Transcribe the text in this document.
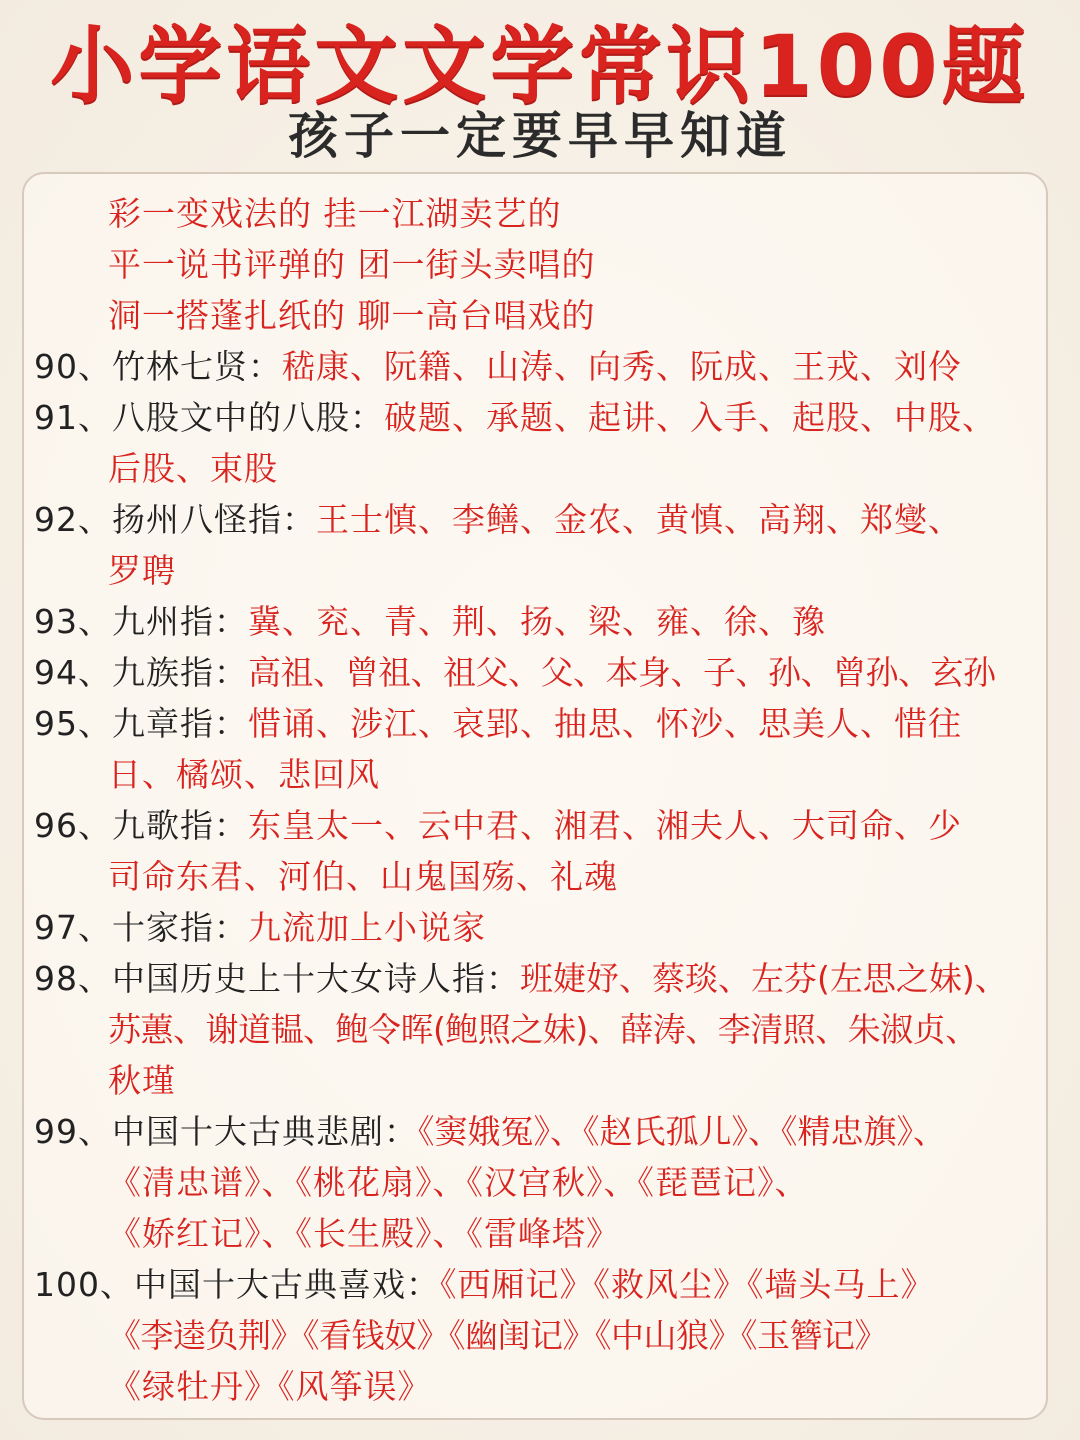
小学语文文学常识100题
孩子一定要早早知道
彩一变戏法的 挂一江湖卖艺的
平一说书评弹的 团一街头卖唱的
洞一搭蓬扎纸的 聊一高台唱戏的
90、竹林七贤：嵇康、阮籍、山涛、向秀、阮成、王戎、刘伶
91、八股文中的八股：破题、承题、起讲、入手、起股、中股、
后股、束股
92、扬州八怪指：王士慎、李鳝、金农、黄慎、高翔、郑燮、
罗聘
93、九州指：冀、兖、青、荆、扬、梁、雍、徐、豫
94、九族指：高祖、曾祖、祖父、父、本身、子、孙、曾孙、玄孙
95、九章指：惜诵、涉江、哀郢、抽思、怀沙、思美人、惜往
日、橘颂、悲回风
96、九歌指：东皇太一、云中君、湘君、湘夫人、大司命、少
司命东君、河伯、山鬼国殇、礼魂
97、十家指：九流加上小说家
98、中国历史上十大女诗人指：班婕妤、蔡琰、左芬(左思之妹)、
苏蕙、谢道韫、鲍令晖(鲍照之妹)、薛涛、李清照、朱淑贞、
秋瑾
99、中国十大古典悲剧：《窦娥冤》、《赵氏孤儿》、《精忠旗》、
《清忠谱》、《桃花扇》、《汉宫秋》、《琵琶记》、
《娇红记》、《长生殿》、《雷峰塔》
100、中国十大古典喜戏：《西厢记》《救风尘》《墙头马上》
《李逵负荆》《看钱奴》《幽闺记》《中山狼》《玉簪记》
《绿牡丹》《风筝误》
